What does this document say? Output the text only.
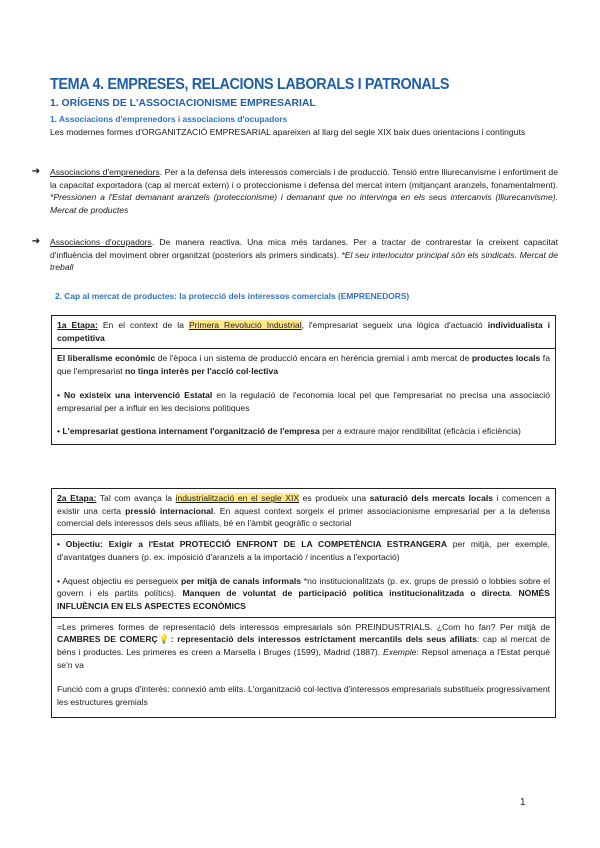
TEMA 4. EMPRESES, RELACIONS LABORALS I PATRONALS
1. ORÍGENS DE L'ASSOCIACIONISME EMPRESARIAL
1. Associacions d'emprenedors i associacions d'ocupadors
Les modernes formes d'ORGANITZACIÓ EMPRESARIAL apareixen al llarg del segle XIX baix dues orientacions i continguts
➔	Associacions d'emprenedors. Per a la defensa dels interessos comercials i de producció. Tensió entre lliurecanvisme i enfortiment de la capacitat exportadora (cap al mercat extern) i o proteccionisme i defensa del mercat intern (mitjançant aranzels, fonamentalment). *Pressionen a l'Estat demanant aranzels (proteccionisme) i demanant que no intervinga en els seus intercanvis (lliurecanvisme). Mercat de productes
➔	Associacions d'ocupadors. De manera reactiva. Una mica més tardanes. Per a tractar de contrarestar la creixent capacitat d'influència del moviment obrer organitzat (posteriors als primers sindicats). *El seu interlocutor principal són els sindicats. Mercat de treball
2. Cap al mercat de productes: la protecció dels interessos comercials (EMPRENEDORS)

1a Etapa: En el context de la Primera Revolució Industrial, l'empresariat segueix una lògica d'actuació individualista i competitiva

El liberalisme econòmic de l'època i un sistema de producció encara en herència gremial i amb mercat de productes locals fa que l'empresariat no tinga interès per l'acció col·lectiva

• No existeix una intervenció Estatal en la regulació de l'economia local pel que l'empresariat no precisa una associació empresarial per a influir en les decisions polítiques

• L'empresariat gestiona internament l'organització de l'empresa per a extraure major rendibilitat (eficàcia i eficiència)

2a Etapa: Tal com avança la industrialització en el segle XIX es produeix una saturació dels mercats locals i comencen a existir una certa pressió internacional. En aquest context sorgeix el primer associacionisme empresarial per a la defensa comercial dels interessos dels seus afiliats, bé en l'àmbit geogràfic o sectorial

• Objectiu: Exigir a l'Estat PROTECCIÓ ENFRONT DE LA COMPETÈNCIA ESTRANGERA per mitjà, per exemple, d'avantatges duaners (p. ex. imposició d'aranzels a la importació / incentius a l'exportació)

• Aquest objectiu es persegueix per mitjà de canals informals *no institucionalitzats (p. ex. grups de pressió o lobbies sobre el govern i els partits polítics). Manquen de voluntat de participació política institucionalitzada o directa. NOMÉS INFLUÈNCIA EN ELS ASPECTES ECONÒMICS

=Les primeres formes de representació dels interessos empresarials són PREINDUSTRIALS. ¿Com ho fan? Per mitjà de CAMBRES DE COMERÇ💡: representació dels interessos estrictament mercantils dels seus afiliats: cap al mercat de béns i productes. Les primeres es creen a Marsella i Bruges (1599), Madrid (1887). Exemple: Repsol amenaça a l'Estat perquè se'n va

Funció com a grups d'interés: connexió amb elits. L'organització col·lectiva d'interessos empresarials substitueix progressivament les estructures gremials

1
